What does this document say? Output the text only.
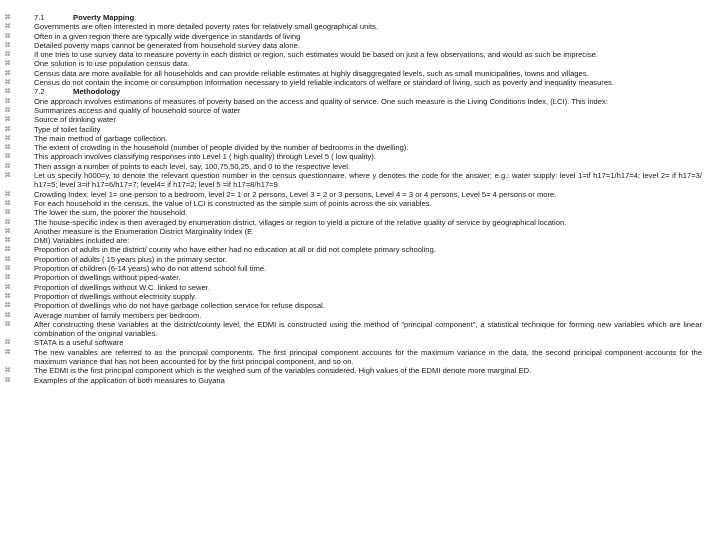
⌘	7.1	Poverty Mapping
⌘	Governments are often interested in more detailed poverty rates for relatively small geographical units.
⌘	Often in a given region there are typically wide divergence in standards of living
⌘	Detailed poverty maps cannot be generated from household survey data alone.
⌘	If one tries to use survey data to measure poverty in each district or region, such estimates would be based on just a few observations, and would as such be imprecise.
⌘	One solution is to use population census data.
⌘	Census data are more available for all households and can provide reliable estimates at highly disaggregated levels, such as small municipalities, towns and villages.
⌘	Census do not contain the income or consumption information necessary to yield reliable indicators of welfare or standard of living, such as poverty and inequality measures.
⌘	7.2	Methodology
⌘	One approach involves estimations of measures of poverty based on the access and quality of service. One such measure is the Living Conditions Index, (LCI). This index:
⌘	Summarizes access and quality of household source of water
⌘	Source of drinking water
⌘	Type of toilet facility
⌘	The main method of garbage collection.
⌘	The extent of crowding in the household (number of people divided by the number of bedrooms in the dwelling).
⌘	This approach involves classifying responses into Level 1 ( high quality) through Level 5 ( low quality).
⌘	Then assign a number of points to each level, say, 100,75,50,25, and 0 to the respective level.
⌘	Let us specify h000=y, to denote the relevant question number in the census questionnaire, where y denotes the code for the answer; e.g.: water supply: level 1=if h17=1/h17=4; level 2= if h17=3/ h17=5; level 3=if h17=6/h17=7; level4= if h17=2; level 5 =if h17=8/h17=9.
⌘	Crowding Index: level 1= one person to a bedroom, level 2= 1 or 2 persons, Level 3 = 2 or 3 persons, Level 4 = 3 or 4 persons, Level 5= 4 persons or more.
⌘	For each household in the census, the value of LCI is constructed as the simple sum of points across the six variables.
⌘	The lower the sum, the poorer the household.
⌘	The house-specific index is then averaged by enumeration district, villages or region to yield a picture of the relative quality of service by geographical location.
⌘	Another measure is the Enumeration District Marginality Index (E
⌘	DMI) Variables included are:
⌘	Proportion of adults in the district/ county who have either had no education at all or did not complete primary schooling.
⌘	Proportion of adults ( 15 years plus) in the primary sector.
⌘	Proportion of children (6-14 years) who do not attend school full time.
⌘	Proportion of dwellings without piped-water.
⌘	Proportion of dwellings without W.C. linked to sewer.
⌘	Proportion of dwellings without electricity supply.
⌘	Proportion of dwellings who do not have garbage collection service for refuse disposal.
⌘	Average number of family members per bedroom.
⌘	After constructing these variables at the district/county level, the EDMI is constructed using the method of "principal component", a statistical technique for forming new variables which are linear combination of the original variables.
⌘	STATA is a useful software
⌘	The new variables are referred to as the principal components. The first principal component accounts for the maximum variance in the data, the second principal component accounts for the maximum variance that has not been accounted for by the first principal component, and so on.
⌘	The EDMI is the first principal component which is the weighed sum of the variables considered. High values of the EDMI denote more marginal ED.
⌘	Examples of the application of both measures to Guyana
